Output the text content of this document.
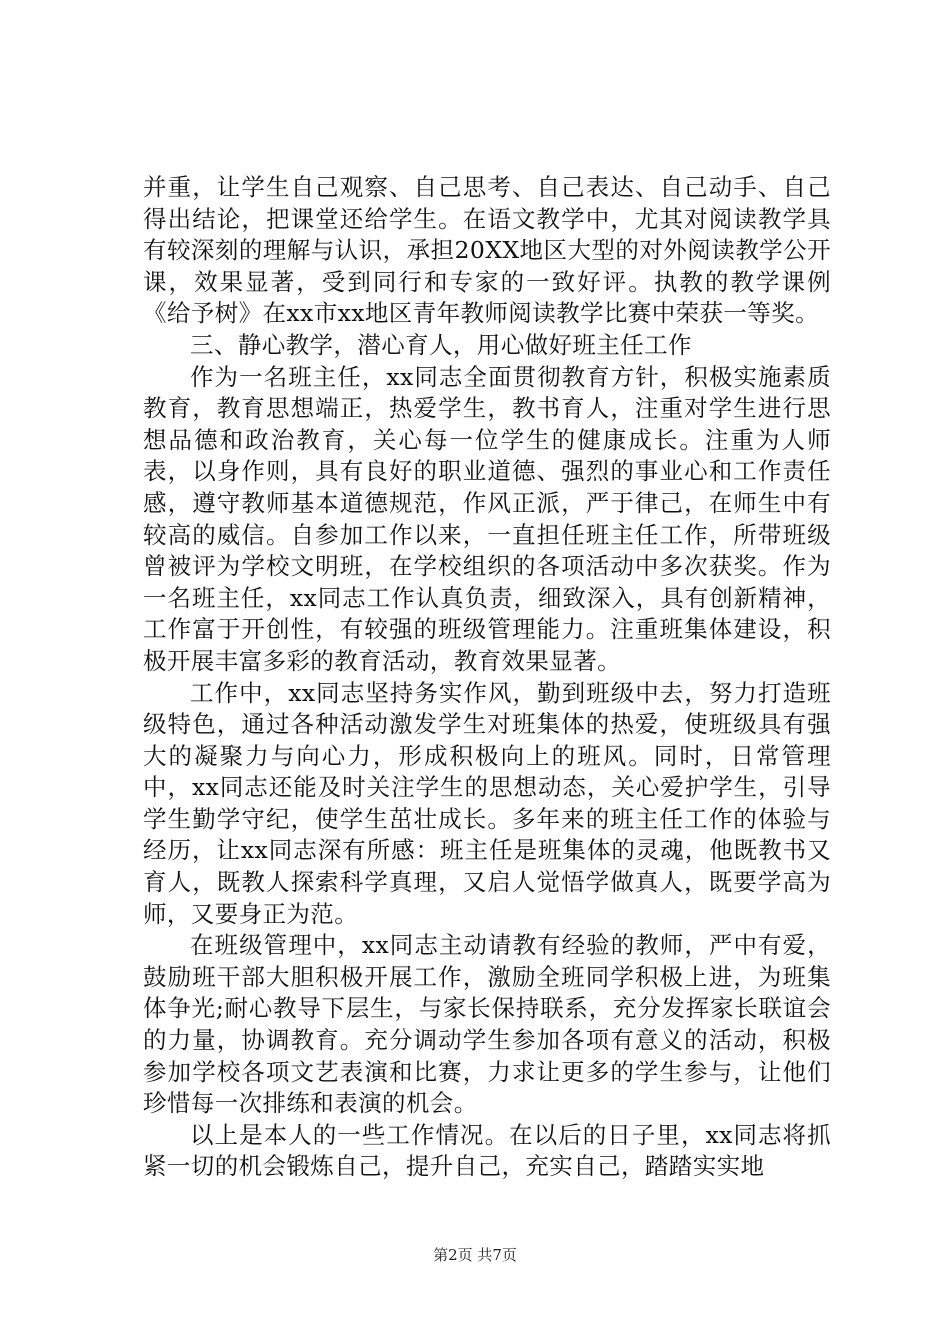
并重，让学生自己观察、自己思考、自己表达、自己动手、自己得出结论，把课堂还给学生。在语文教学中，尤其对阅读教学具有较深刻的理解与认识，承担20XX地区大型的对外阅读教学公开课，效果显著，受到同行和专家的一致好评。执教的教学课例《给予树》在xx市xx地区青年教师阅读教学比赛中荣获一等奖。

三、静心教学，潜心育人，用心做好班主任工作

作为一名班主任，xx同志全面贯彻教育方针，积极实施素质教育，教育思想端正，热爱学生，教书育人，注重对学生进行思想品德和政治教育，关心每一位学生的健康成长。注重为人师表，以身作则，具有良好的职业道德、强烈的事业心和工作责任感，遵守教师基本道德规范，作风正派，严于律己，在师生中有较高的威信。自参加工作以来，一直担任班主任工作，所带班级曾被评为学校文明班，在学校组织的各项活动中多次获奖。作为一名班主任，xx同志工作认真负责，细致深入，具有创新精神，工作富于开创性，有较强的班级管理能力。注重班集体建设，积极开展丰富多彩的教育活动，教育效果显著。

工作中，xx同志坚持务实作风，勤到班级中去，努力打造班级特色，通过各种活动激发学生对班集体的热爱，使班级具有强大的凝聚力与向心力，形成积极向上的班风。同时，日常管理中，xx同志还能及时关注学生的思想动态，关心爱护学生，引导学生勤学守纪，使学生茁壮成长。多年来的班主任工作的体验与经历，让xx同志深有所感：班主任是班集体的灵魂，他既教书又育人，既教人探索科学真理，又启人觉悟学做真人，既要学高为师，又要身正为范。

在班级管理中，xx同志主动请教有经验的教师，严中有爱，鼓励班干部大胆积极开展工作，激励全班同学积极上进，为班集体争光;耐心教导下层生，与家长保持联系，充分发挥家长联谊会的力量，协调教育。充分调动学生参加各项有意义的活动，积极参加学校各项文艺表演和比赛，力求让更多的学生参与，让他们珍惜每一次排练和表演的机会。

以上是本人的一些工作情况。在以后的日子里，xx同志将抓紧一切的机会锻炼自己，提升自己，充实自己，踏踏实实地

第2页 共7页
